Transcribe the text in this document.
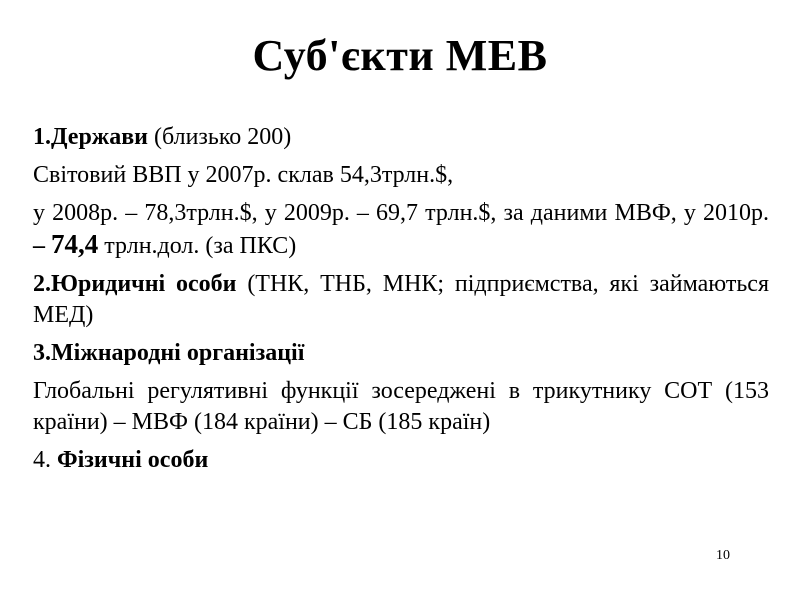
Суб'єкти МЕВ
1.Держави (близько 200)
Світовий ВВП у 2007р. склав 54,3трлн.$,
у 2008р. – 78,3трлн.$, у 2009р. – 69,7 трлн.$, за даними МВФ, у 2010р. – 74,4 трлн.дол. (за ПКС)
2.Юридичні особи (ТНК, ТНБ, МНК; підприємства, які займаються МЕД)
3.Міжнародні організації
Глобальні регулятивні функції зосереджені в трикутнику СОТ (153 країни) – МВФ (184 країни) – СБ (185 країн)
4. Фізичні особи
10
